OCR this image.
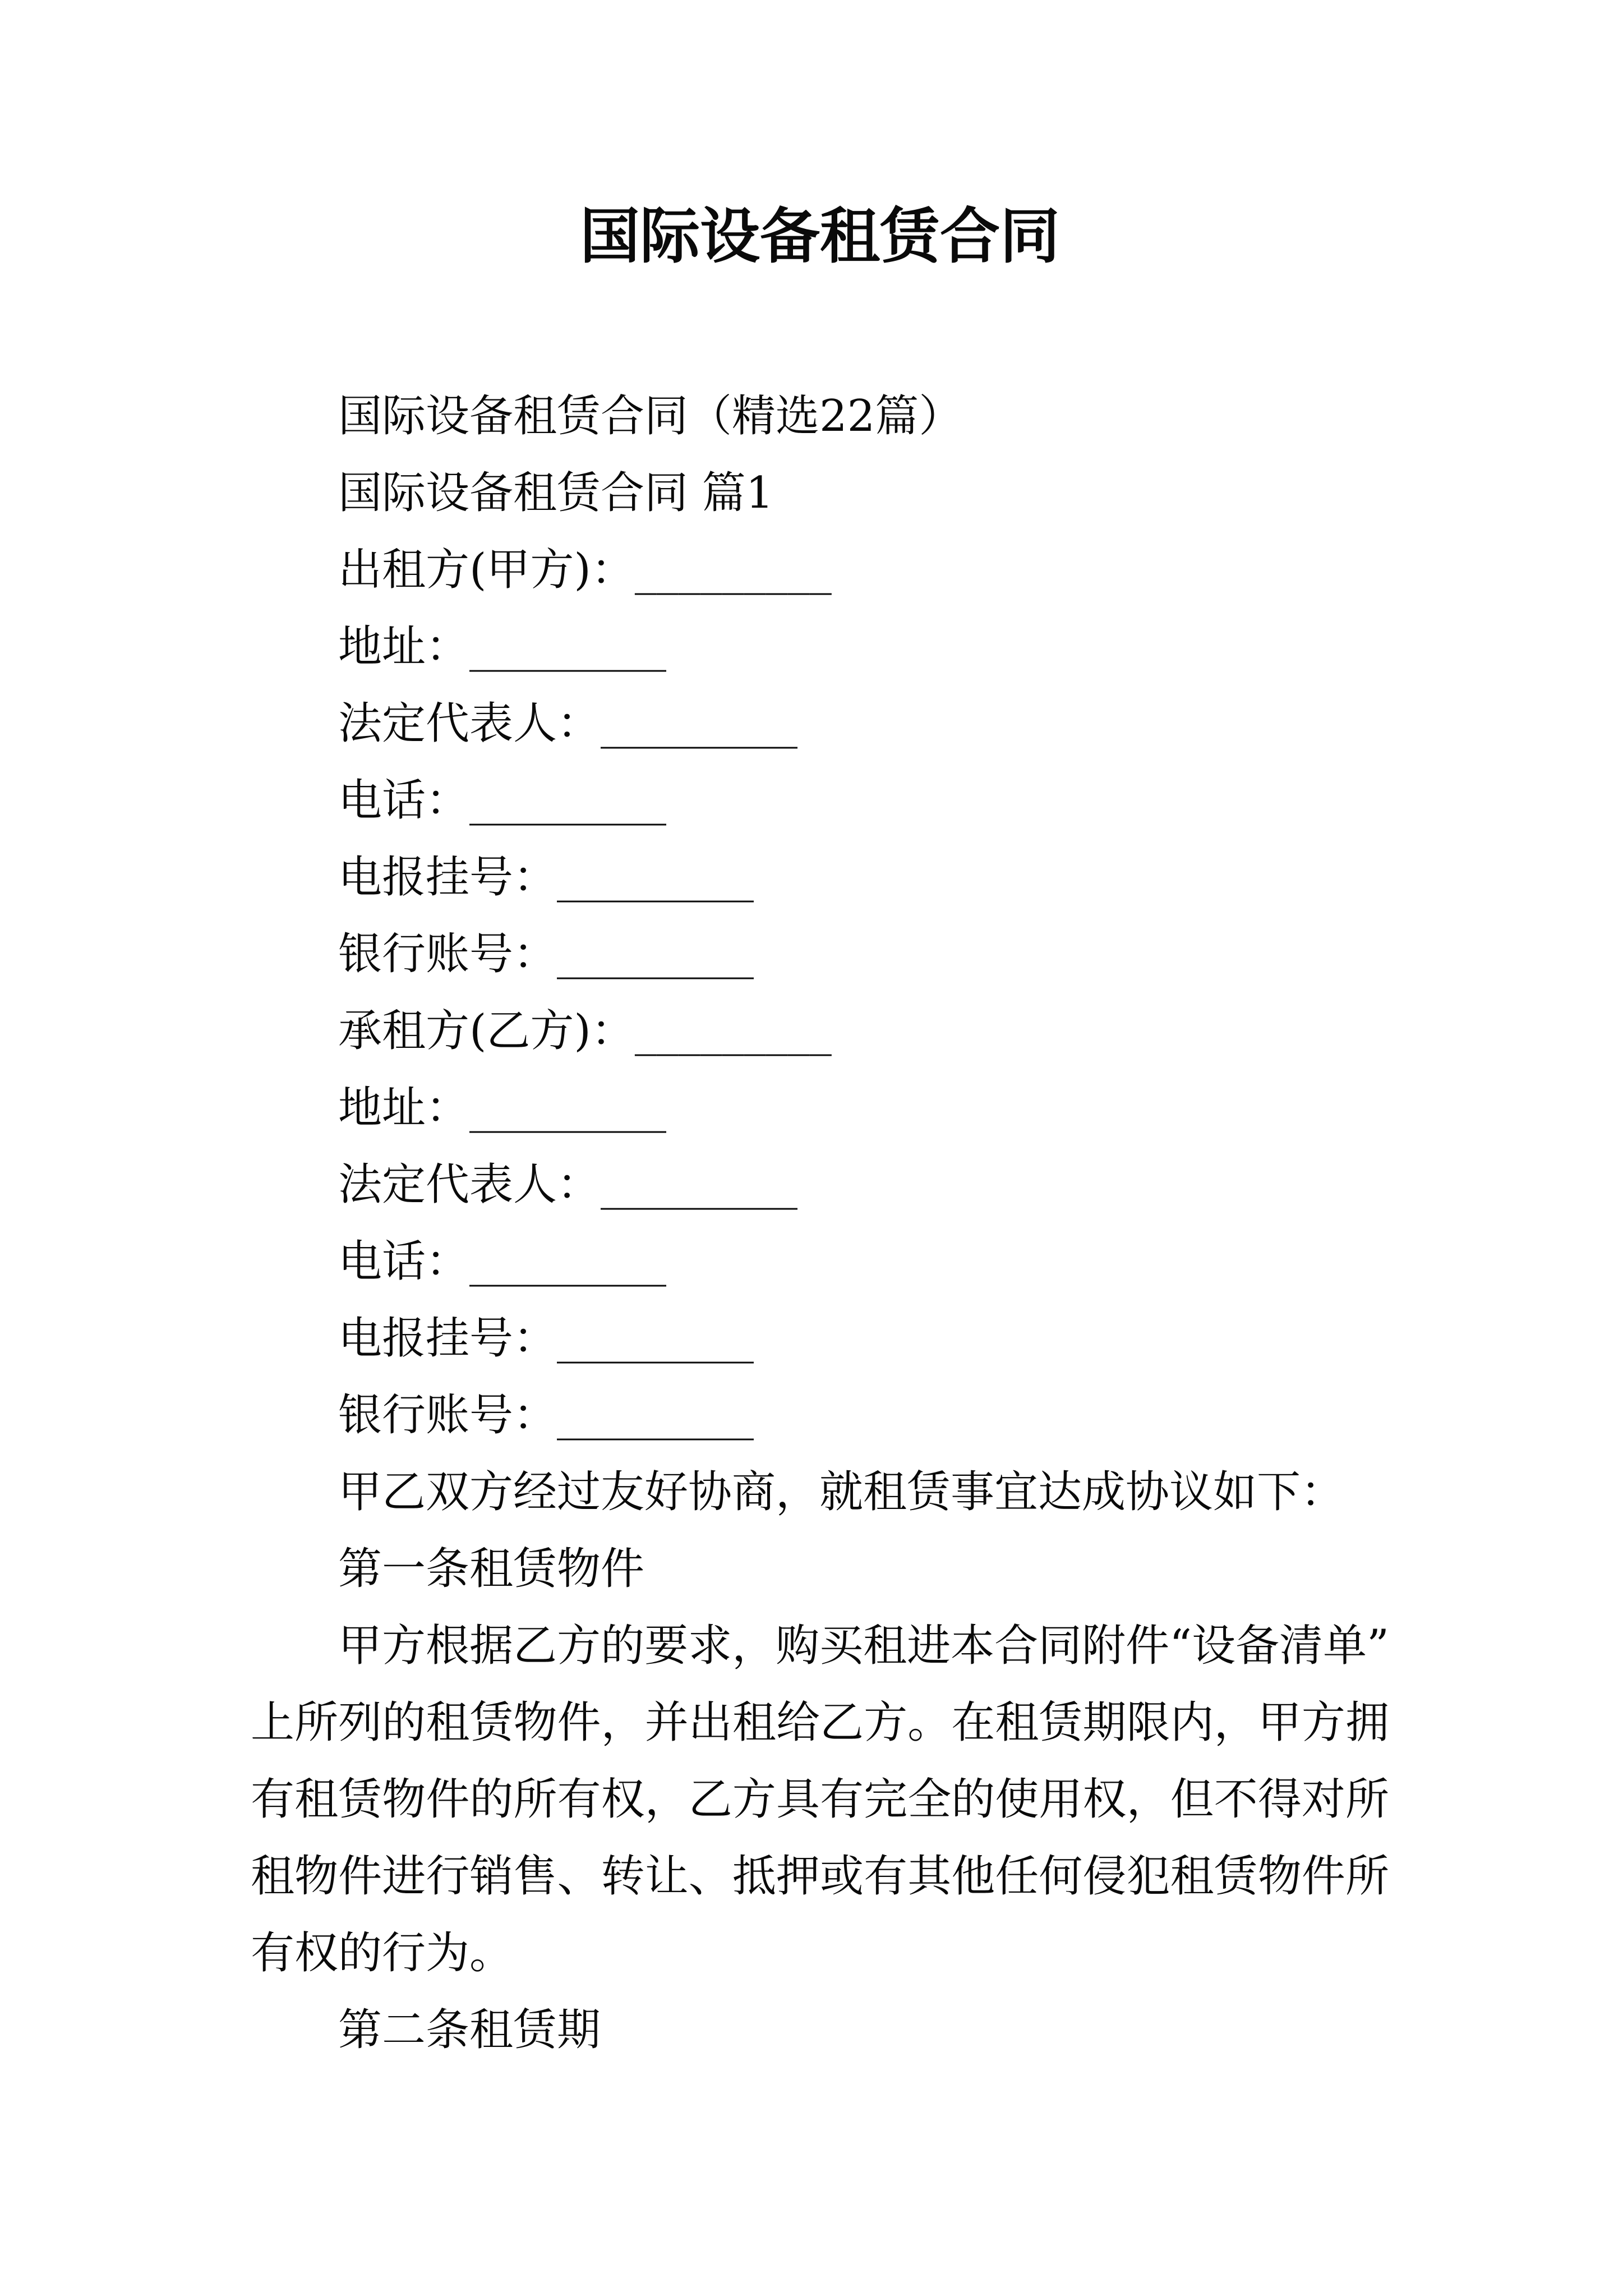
国际设备租赁合同

国际设备租赁合同（精选22篇）

国际设备租赁合同 篇1

出租方(甲方)：_________

地址：_________

法定代表人：_________

电话：_________

电报挂号：_________

银行账号：_________

承租方(乙方)：_________

地址：_________

法定代表人：_________

电话：_________

电报挂号：_________

银行账号：_________

甲乙双方经过友好协商，就租赁事宜达成协议如下：

第一条租赁物件

甲方根据乙方的要求，购买租进本合同附件“设备清单”
上所列的租赁物件，并出租给乙方。在租赁期限内，甲方拥
有租赁物件的所有权，乙方具有完全的使用权，但不得对所
租物件进行销售、转让、抵押或有其他任何侵犯租赁物件所
有权的行为。

第二条租赁期
